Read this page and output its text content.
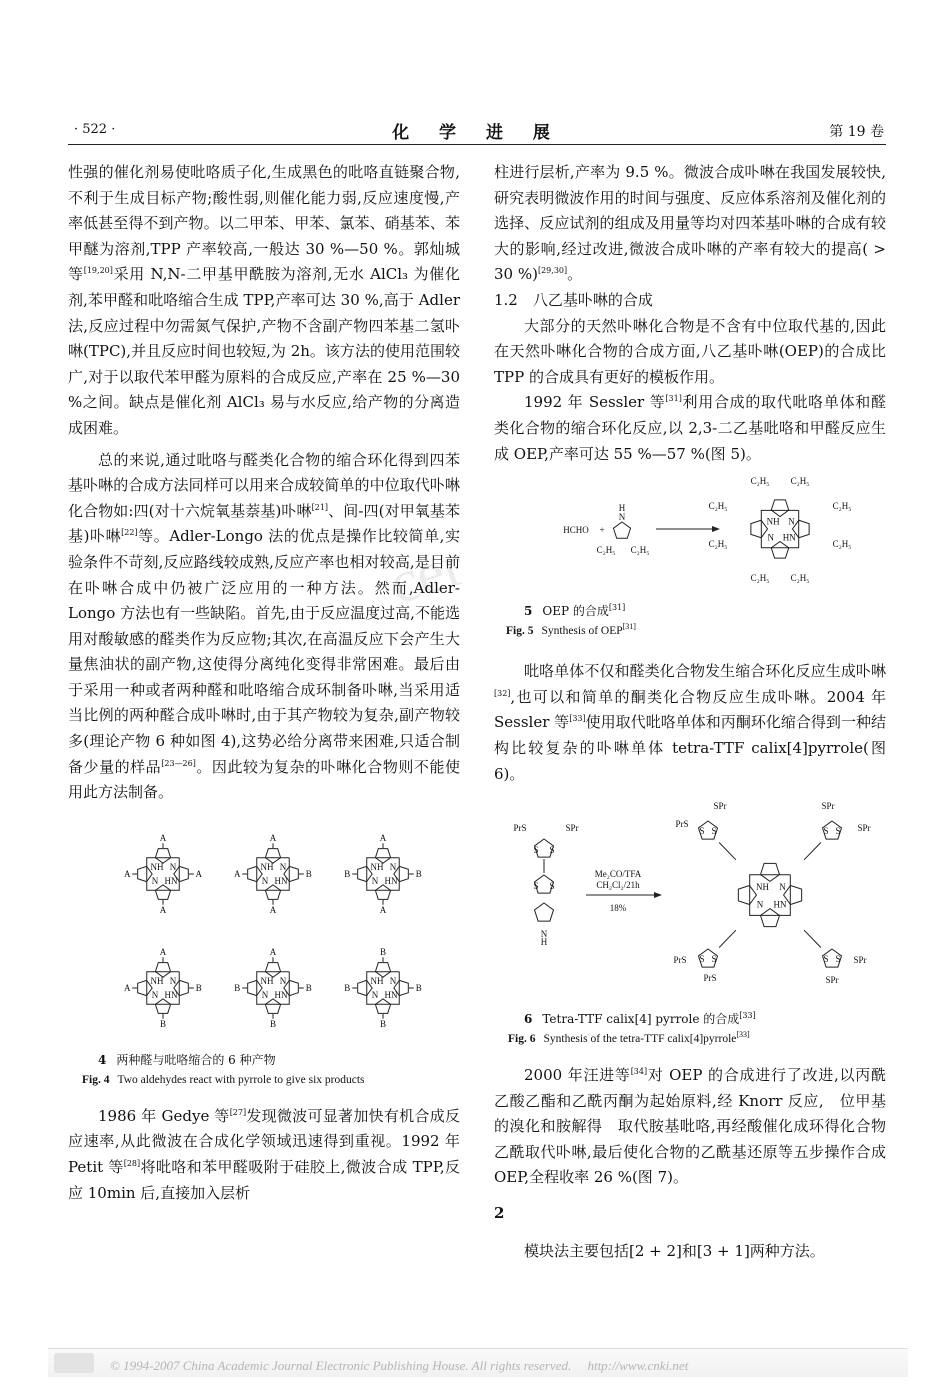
· 522 ·	化 学 进 展	第 19 卷
cer

性强的催化剂易使吡咯质子化,生成黑色的吡咯直链聚合物,不利于生成目标产物;酸性弱,则催化能力弱,反应速度慢,产率低甚至得不到产物。以二甲苯、甲苯、氯苯、硝基苯、苯甲醚为溶剂,TPP 产率较高,一般达 30 %—50 %。郭灿城等[19,20]采用 N,N-二甲基甲酰胺为溶剂,无水 AlCl₃ 为催化剂,苯甲醛和吡咯缩合生成 TPP,产率可达 30 %,高于 Adler 法,反应过程中勿需氮气保护,产物不含副产物四苯基二氢卟啉(TPC),并且反应时间也较短,为 2h。该方法的使用范围较广,对于以取代苯甲醛为原料的合成反应,产率在 25 %—30 %之间。缺点是催化剂 AlCl₃ 易与水反应,给产物的分离造成困难。

总的来说,通过吡咯与醛类化合物的缩合环化得到四苯基卟啉的合成方法同样可以用来合成较简单的中位取代卟啉化合物如:四(对十六烷氧基萘基)卟啉[21]、间-四(对甲氧基苯基)卟啉[22]等。Adler-Longo 法的优点是操作比较简单,实验条件不苛刻,反应路线较成熟,反应产率也相对较高,是目前在卟啉合成中仍被广泛应用的一种方法。然而,Adler-Longo 方法也有一些缺陷。首先,由于反应温度过高,不能选用对酸敏感的醛类作为反应物;其次,在高温反应下会产生大量焦油状的副产物,这使得分离纯化变得非常困难。最后由于采用一种或者两种醛和吡咯缩合成环制备卟啉,当采用适当比例的两种醛合成卟啉时,由于其产物较为复杂,副产物较多(理论产物 6 种如图 4),这势必给分离带来困难,只适合制备少量的样品[23—26]。因此较为复杂的卟啉化合物则不能使用此方法制备。

NH
HN
N
N
A
A
A
A
NH
HN
N
N
A
B
A
A
NH
HN
N
N
A
B
A
B
NH
HN
N
N
A
B
B
A
NH
HN
N
N
A
B
B
B
NH
HN
N
N
B
B
B
B

4 两种醛与吡咯缩合的 6 种产物

Fig. 4 Two aldehydes react with pyrrole to give six products

1986 年 Gedye 等[27]发现微波可显著加快有机合成反应速率,从此微波在合成化学领域迅速得到重视。1992 年 Petit 等[28]将吡咯和苯甲醛吸附于硅胶上,微波合成 TPP,反应 10min 后,直接加入层析

柱进行层析,产率为 9.5 %。微波合成卟啉在我国发展较快,研究表明微波作用的时间与强度、反应体系溶剂及催化剂的选择、反应试剂的组成及用量等均对四苯基卟啉的合成有较大的影响,经过改进,微波合成卟啉的产率有较大的提高( > 30 %)[29,30]。

1.2　八乙基卟啉的合成

大部分的天然卟啉化合物是不含有中位取代基的,因此在天然卟啉化合物的合成方面,八乙基卟啉(OEP)的合成比 TPP 的合成具有更好的模板作用。

1992 年 Sessler 等[31]利用合成的取代吡咯单体和醛类化合物的缩合环化反应,以 2,3-二乙基吡咯和甲醛反应生成 OEP,产率可达 55 %—57 %(图 5)。

HCHO +
H
N
C₂H₅ C₂H₅
NH
HN
N
N
C₂H₅ C₂H₅
C₂H₅
C₂H₅
C₂H₅
C₂H₅
C₂H₅
C₂H₅

5 OEP 的合成[31]

Fig. 5 Synthesis of OEP[31]

吡咯单体不仅和醛类化合物发生缩合环化反应生成卟啉[32],也可以和简单的酮类化合物反应生成卟啉。2004 年 Sessler 等[33]使用取代吡咯单体和丙酮环化缩合得到一种结构比较复杂的卟啉单体 tetra-TTF calix[4]pyrrole(图 6)。

S S
PrS	SPr
S S
N
H
Me₂CO/TFA
CH₂Cl₂/21h
18%
NH
HN
N
N
S S	S S
S S
S S
PrS
SPr	SPr
SPr
PrS
PrS
SPr
SPr

6 Tetra-TTF calix[4] pyrrole 的合成[33]

Fig. 6 Synthesis of the tetra-TTF calix[4]pyrrole[33]

2000 年汪进等[34]对 OEP 的合成进行了改进,以丙酰乙酸乙酯和乙酰丙酮为起始原料,经 Knorr 反应,　位甲基的溴化和胺解得　取代胺基吡咯,再经酸催化成环得化合物乙酰取代卟啉,最后使化合物的乙酰基还原等五步操作合成 OEP,全程收率 26 %(图 7)。

2

模块法主要包括[2 + 2]和[3 + 1]两种方法。

© 1994-2007 China Academic Journal Electronic Publishing House. All rights reserved.　 http://www.cnki.net
